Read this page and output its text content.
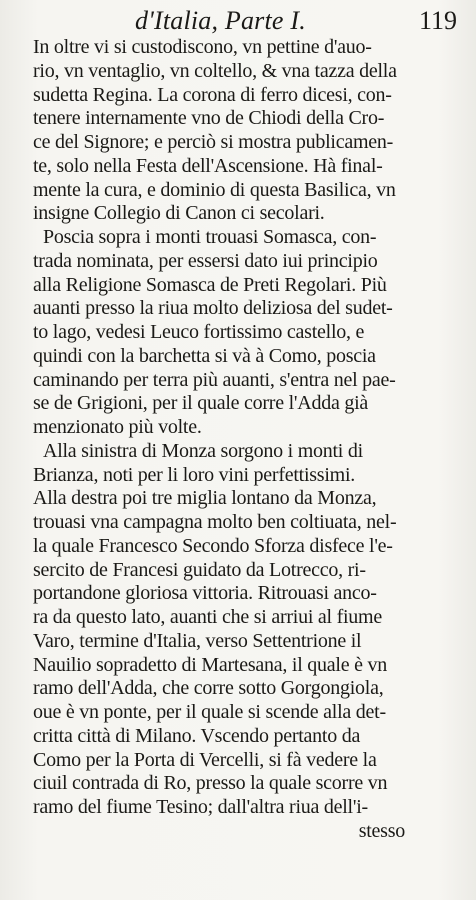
d'Italia, Parte I.	119
In oltre vi si custodiscono, vn pettine d'auo-
rio, vn ventaglio, vn coltello, & vna tazza della
sudetta Regina. La corona di ferro dicesi, con-
tenere internamente vno de Chiodi della Cro-
ce del Signore; e perciò si mostra publicamen-
te, solo nella Festa dell'Ascensione. Hà final-
mente la cura, e dominio di questa Basilica, vn
insigne Collegio di Canon ci secolari.
Poscia sopra i monti trouasi Somasca, con-
trada nominata, per essersi dato iui principio
alla Religione Somasca de Preti Regolari. Più
auanti presso la riua molto deliziosa del sudet-
to lago, vedesi Leuco fortissimo castello, e
quindi con la barchetta si và à Como, poscia
caminando per terra più auanti, s'entra nel pae-
se de Grigioni, per il quale corre l'Adda già
menzionato più volte.
Alla sinistra di Monza sorgono i monti di
Brianza, noti per li loro vini perfettissimi.
Alla destra poi tre miglia lontano da Monza,
trouasi vna campagna molto ben coltiuata, nel-
la quale Francesco Secondo Sforza disfece l'e-
sercito de Francesi guidato da Lotrecco, ri-
portandone gloriosa vittoria. Ritrouasi anco-
ra da questo lato, auanti che si arriui al fiume
Varo, termine d'Italia, verso Settentrione il
Nauilio sopradetto di Martesana, il quale è vn
ramo dell'Adda, che corre sotto Gorgongiola,
oue è vn ponte, per il quale si scende alla det-
critta città di Milano. Vscendo pertanto da
Como per la Porta di Vercelli, si fà vedere la
ciuil contrada di Ro, presso la quale scorre vn
ramo del fiume Tesino; dall'altra riua dell'i-
stesso
